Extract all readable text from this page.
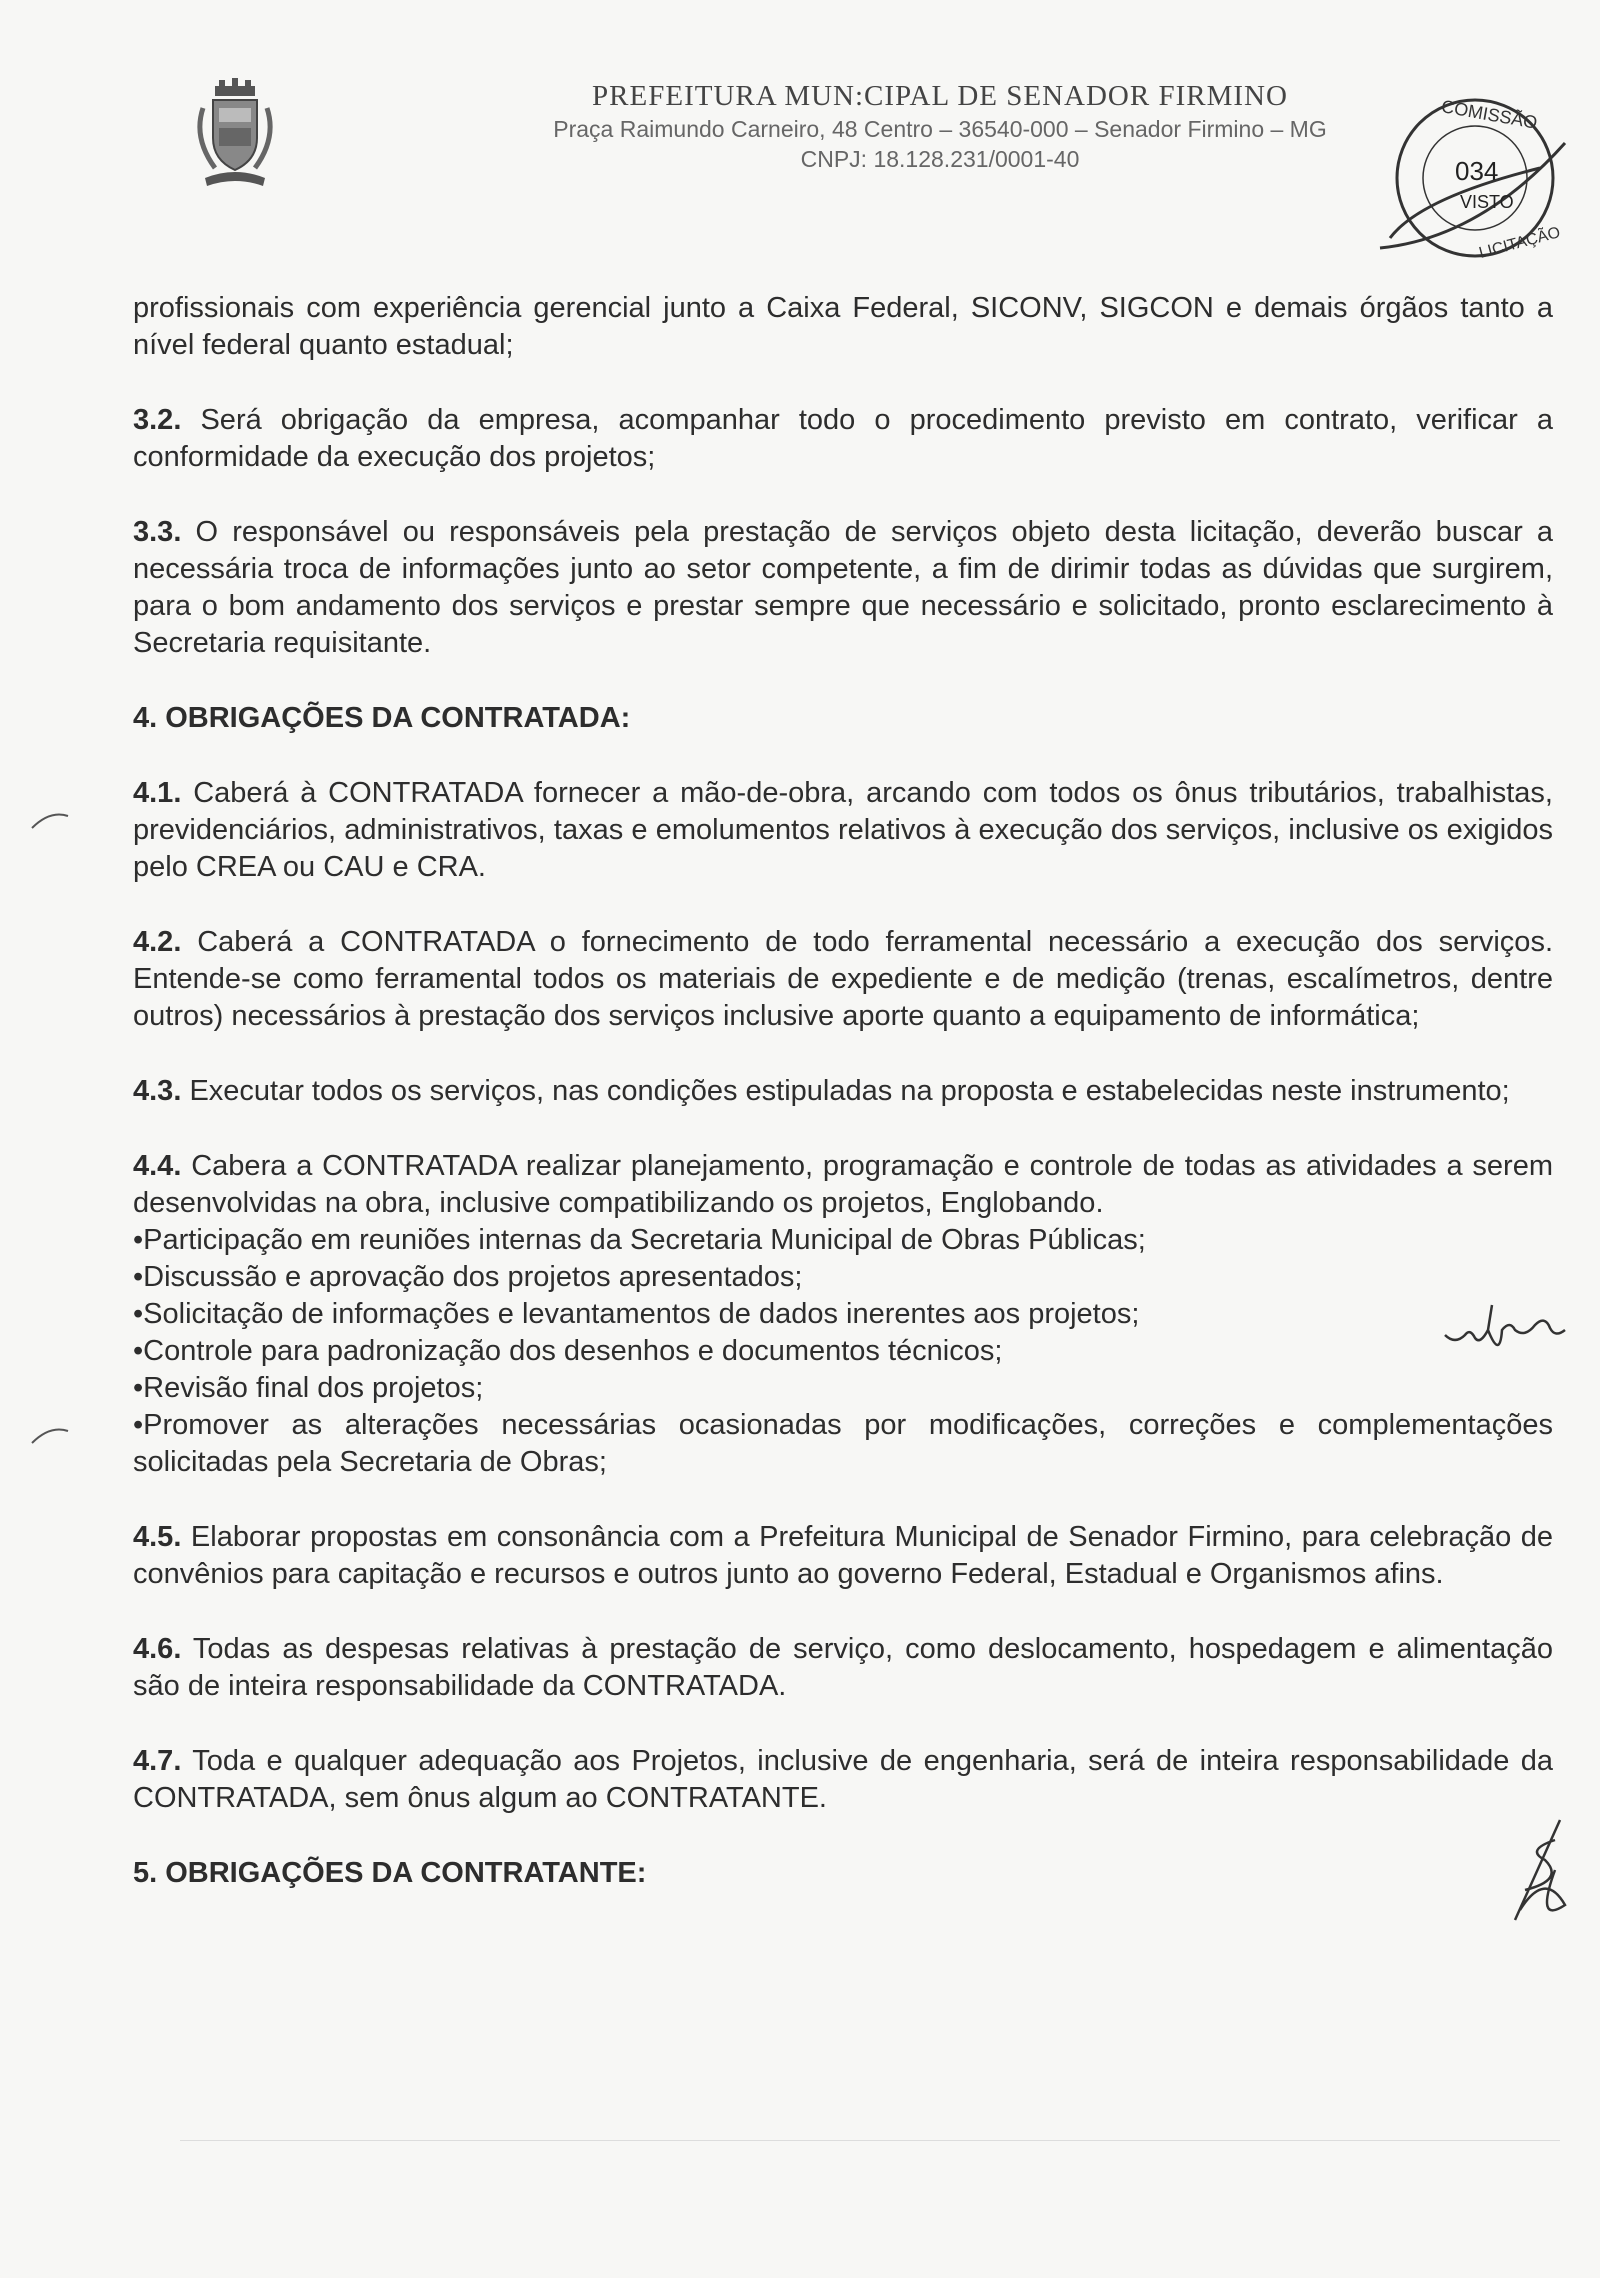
PREFEITURA MUN:CIPAL DE SENADOR FIRMINO
Praça Raimundo Carneiro, 48 Centro – 36540-000 – Senador Firmino – MG
CNPJ: 18.128.231/0001-40
COMISSÃO
034
VISTO
LICITAÇÃO

profissionais com experiência gerencial junto a Caixa Federal, SICONV, SIGCON e demais órgãos tanto a nível federal quanto estadual;

3.2. Será obrigação da empresa, acompanhar todo o procedimento previsto em contrato, verificar a conformidade da execução dos projetos;

3.3. O responsável ou responsáveis pela prestação de serviços objeto desta licitação, deverão buscar a necessária troca de informações junto ao setor competente, a fim de dirimir todas as dúvidas que surgirem, para o bom andamento dos serviços e prestar sempre que necessário e solicitado, pronto esclarecimento à Secretaria requisitante.

4. OBRIGAÇÕES DA CONTRATADA:

4.1. Caberá à CONTRATADA fornecer a mão-de-obra, arcando com todos os ônus tributários, trabalhistas, previdenciários, administrativos, taxas e emolumentos relativos à execução dos serviços, inclusive os exigidos pelo CREA ou CAU e CRA.

4.2. Caberá a CONTRATADA o fornecimento de todo ferramental necessário a execução dos serviços. Entende-se como ferramental todos os materiais de expediente e de medição (trenas, escalímetros, dentre outros) necessários à prestação dos serviços inclusive aporte quanto a equipamento de informática;

4.3. Executar todos os serviços, nas condições estipuladas na proposta e estabelecidas neste instrumento;

4.4. Cabera a CONTRATADA realizar planejamento, programação e controle de todas as atividades a serem desenvolvidas na obra, inclusive compatibilizando os projetos, Englobando.

•Participação em reuniões internas da Secretaria Municipal de Obras Públicas;

•Discussão e aprovação dos projetos apresentados;

•Solicitação de informações e levantamentos de dados inerentes aos projetos;

•Controle para padronização dos desenhos e documentos técnicos;

•Revisão final dos projetos;

•Promover as alterações necessárias ocasionadas por modificações, correções e complementações solicitadas pela Secretaria de Obras;

4.5. Elaborar propostas em consonância com a Prefeitura Municipal de Senador Firmino, para celebração de convênios para capitação e recursos e outros junto ao governo Federal, Estadual e Organismos afins.

4.6. Todas as despesas relativas à prestação de serviço, como deslocamento, hospedagem e alimentação são de inteira responsabilidade da CONTRATADA.

4.7. Toda e qualquer adequação aos Projetos, inclusive de engenharia, será de inteira responsabilidade da CONTRATADA, sem ônus algum ao CONTRATANTE.

5. OBRIGAÇÕES DA CONTRATANTE:
